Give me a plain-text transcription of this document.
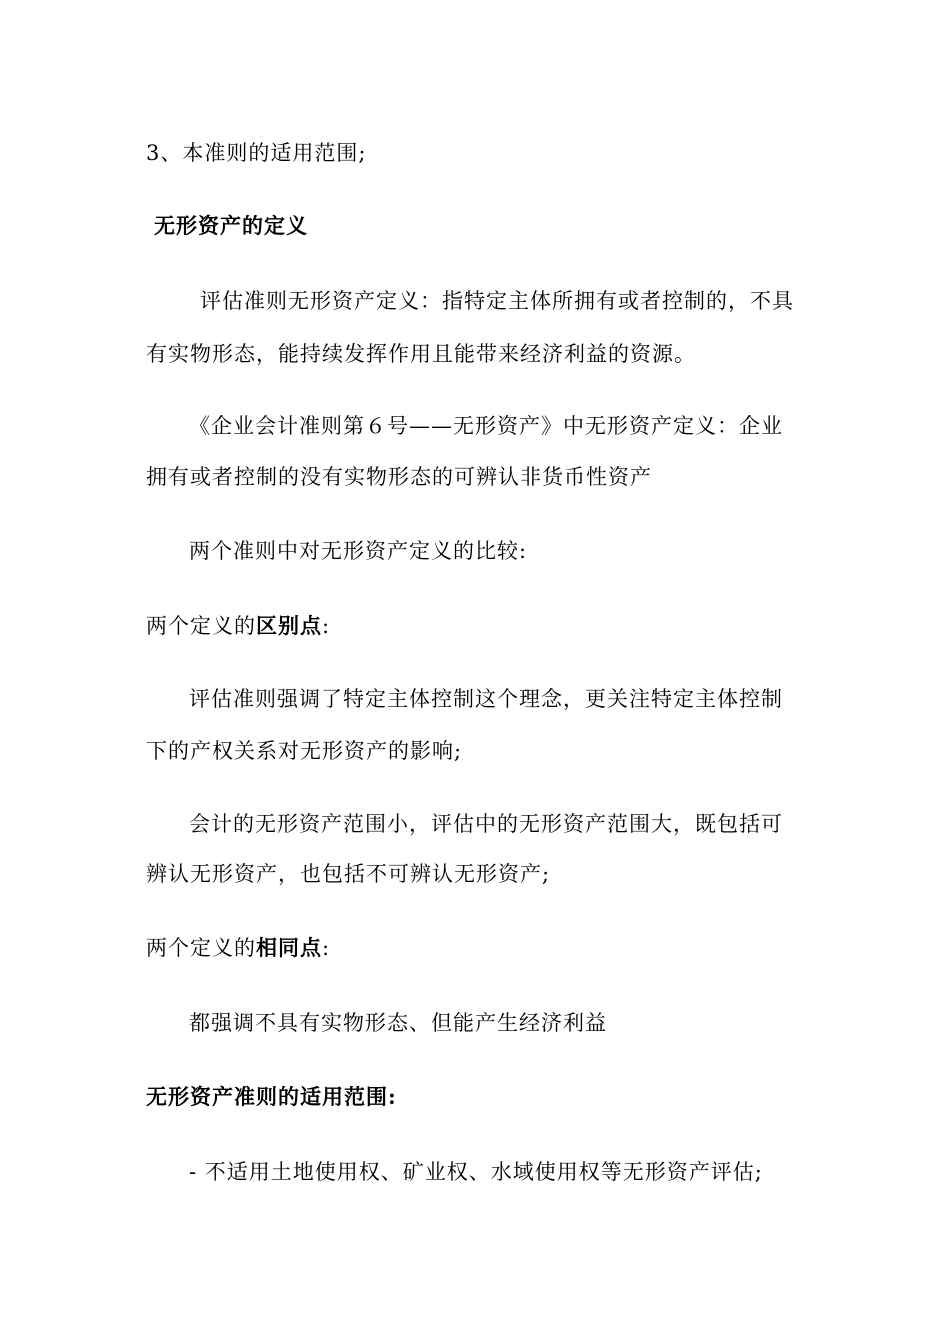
3、本准则的适用范围;
无形资产的定义
评估准则无形资产定义：指特定主体所拥有或者控制的，不具
有实物形态，能持续发挥作用且能带来经济利益的资源。
《企业会计准则第６号——无形资产》中无形资产定义：企业
拥有或者控制的没有实物形态的可辨认非货币性资产
两个准则中对无形资产定义的比较:
两个定义的区别点:
评估准则强调了特定主体控制这个理念，更关注特定主体控制
下的产权关系对无形资产的影响;
会计的无形资产范围小，评估中的无形资产范围大，既包括可
辨认无形资产，也包括不可辨认无形资产;
两个定义的相同点:
都强调不具有实物形态、但能产生经济利益
无形资产准则的适用范围:
- 不适用土地使用权、矿业权、水域使用权等无形资产评估;
